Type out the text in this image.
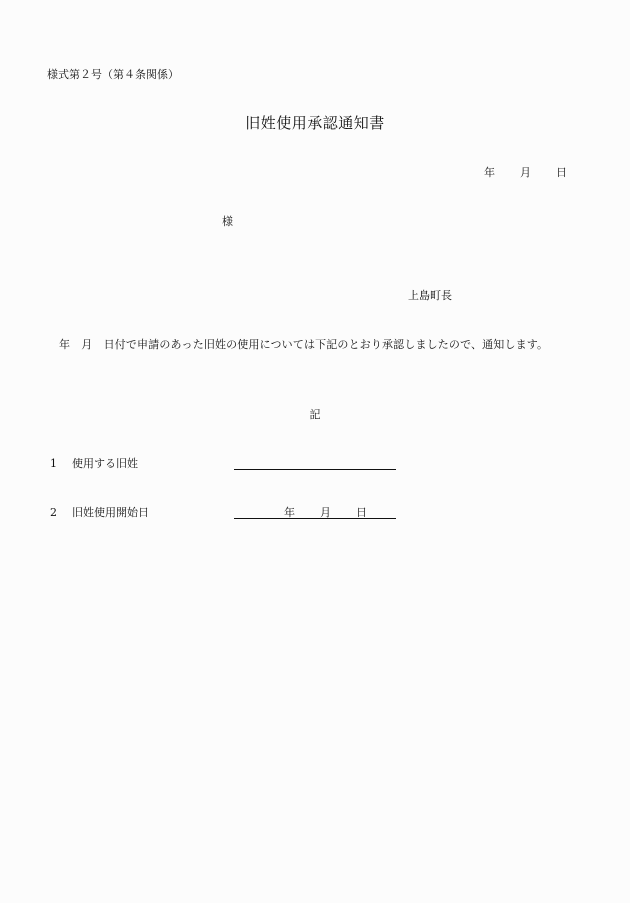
様式第２号（第４条関係）
旧姓使用承認通知書
年 月 日
様
上島町長
年　月　日付で申請のあった旧姓の使用については下記のとおり承認しましたので、通知します。
記
1 使用する旧姓
2 旧姓使用開始日	年 月 日
